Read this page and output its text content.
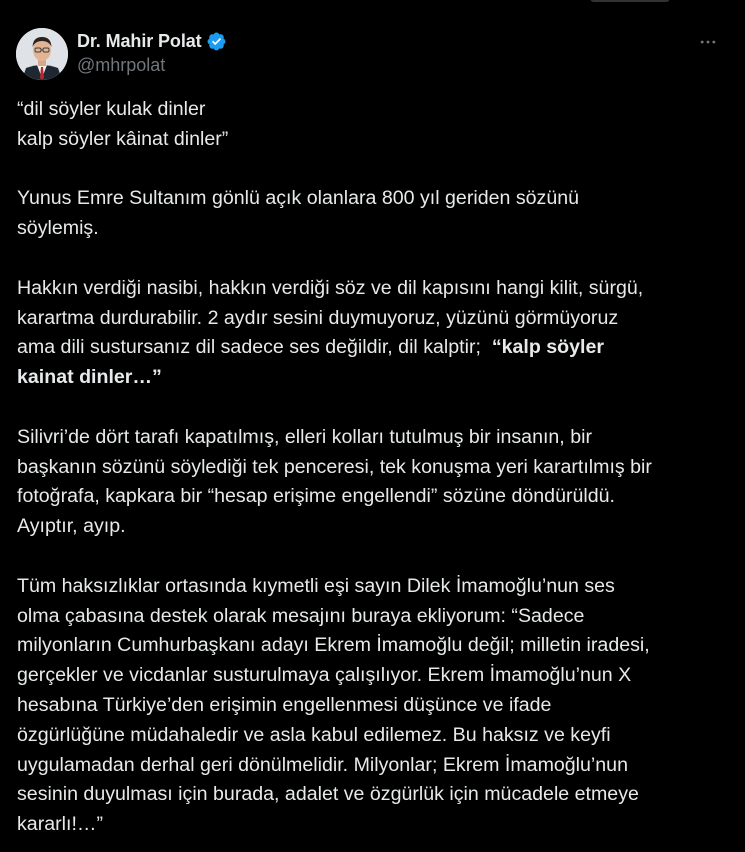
Dr. Mahir Polat
@mhrpolat

“dil söyler kulak dinler
kalp söyler kâinat dinler”

Yunus Emre Sultanım gönlü açık olanlara 800 yıl geriden sözünü
söylemiş.

Hakkın verdiği nasibi, hakkın verdiği söz ve dil kapısını hangi kilit, sürgü,
karartma durdurabilir. 2 aydır sesini duymuyoruz, yüzünü görmüyoruz
ama dili sustursanız dil sadece ses değildir, dil kalptir;  “kalp söyler
kainat dinler…”

Silivri’de dört tarafı kapatılmış, elleri kolları tutulmuş bir insanın, bir
başkanın sözünü söylediği tek penceresi, tek konuşma yeri karartılmış bir
fotoğrafa, kapkara bir “hesap erişime engellendi” sözüne döndürüldü.
Ayıptır, ayıp.

Tüm haksızlıklar ortasında kıymetli eşi sayın Dilek İmamoğlu’nun ses
olma çabasına destek olarak mesajını buraya ekliyorum: “Sadece
milyonların Cumhurbaşkanı adayı Ekrem İmamoğlu değil; milletin iradesi,
gerçekler ve vicdanlar susturulmaya çalışılıyor. Ekrem İmamoğlu’nun X
hesabına Türkiye’den erişimin engellenmesi düşünce ve ifade
özgürlüğüne müdahaledir ve asla kabul edilemez. Bu haksız ve keyfi
uygulamadan derhal geri dönülmelidir. Milyonlar; Ekrem İmamoğlu’nun
sesinin duyulması için burada, adalet ve özgürlük için mücadele etmeye
kararlı!…”
